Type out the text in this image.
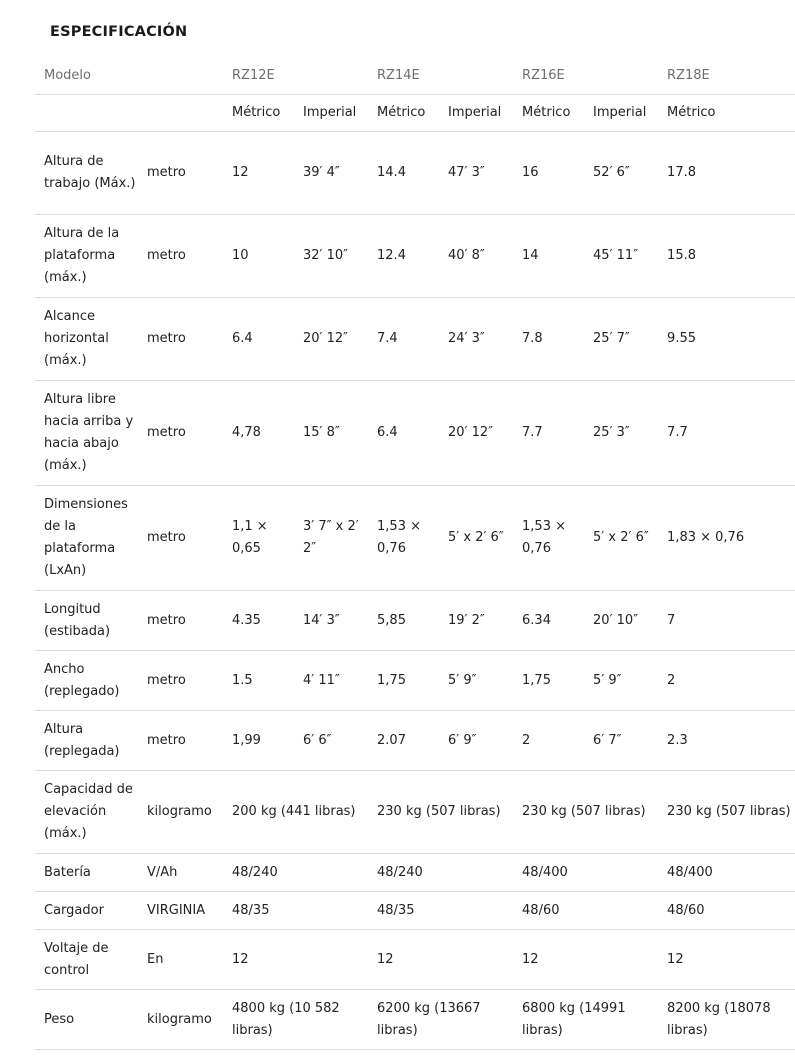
ESPECIFICACIÓN
Modelo		RZ12E		RZ14E		RZ16E		RZ18E
		Métrico	Imperial	Métrico	Imperial	Métrico	Imperial	Métrico
Altura de trabajo (Máx.)	metro	12	39′ 4″	14.4	47′ 3″	16	52′ 6″	17.8
Altura de la plataforma (máx.)	metro	10	32′ 10″	12.4	40′ 8″	14	45′ 11″	15.8
Alcance horizontal (máx.)	metro	6.4	20′ 12″	7.4	24′ 3″	7.8	25′ 7″	9.55
Altura libre hacia arriba y hacia abajo (máx.)	metro	4,78	15′ 8″	6.4	20′ 12″	7.7	25′ 3″	7.7
Dimensiones de la plataforma (LxAn)	metro	1,1 × 0,65	3′ 7″ x 2′ 2″	1,53 × 0,76	5′ x 2′ 6″	1,53 × 0,76	5′ x 2′ 6″	1,83 × 0,76
Longitud (estibada)	metro	4.35	14′ 3″	5,85	19′ 2″	6.34	20′ 10″	7
Ancho (replegado)	metro	1.5	4′ 11″	1,75	5′ 9″	1,75	5′ 9″	2
Altura (replegada)	metro	1,99	6′ 6″	2.07	6′ 9″	2	6′ 7″	2.3
Capacidad de elevación (máx.)	kilogramo	200 kg (441 libras)		230 kg (507 libras)		230 kg (507 libras)		230 kg (507 libras)
Batería	V/Ah	48/240		48/240		48/400		48/400
Cargador	VIRGINIA	48/35		48/35		48/60		48/60
Voltaje de control	En	12		12		12		12
Peso	kilogramo	4800 kg (10 582 libras)		6200 kg (13667 libras)		6800 kg (14991 libras)		8200 kg (18078 libras)
